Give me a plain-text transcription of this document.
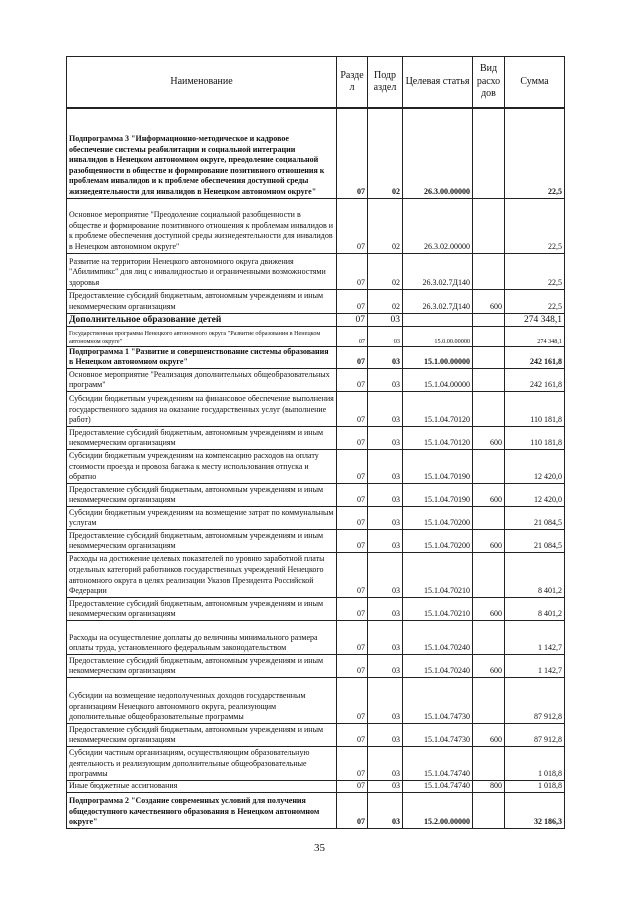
Наименование	Разде л	Подр аздел	Целевая статья	Вид расхо дов	Сумма
Подпрограмма 3 "Информационно-методическое и кадровое обеспечение системы реабилитации и социальной интеграции инвалидов в Ненецком автономном округе, преодоление социальной разобщенности в обществе и формирование позитивного отношения к проблемам инвалидов и к проблеме обеспечения доступной среды жизнедеятельности для инвалидов в Ненецком автономном округе"	07	02	26.3.00.00000		22,5
Основное мероприятие "Преодоление социальной разобщенности в обществе и формирование позитивного отношения к проблемам инвалидов и к проблеме обеспечения доступной среды жизнедеятельности для инвалидов в Ненецком автономном округе"	07	02	26.3.02.00000		22,5
Развитие на территории Ненецкого автономного округа движения "Абилимпикс" для лиц с инвалидностью и ограниченными возможностями здоровья	07	02	26.3.02.7Д140		22,5
Предоставление субсидий бюджетным, автономным учреждениям и иным некоммерческим организациям	07	02	26.3.02.7Д140	600	22,5
Дополнительное образование детей	07	03			274 348,1
Государственная программа Ненецкого автономного округа "Развитие образования в Ненецком автономном округе"	07	03	15.0.00.00000		274 348,1
Подпрограмма 1 "Развитие и совершенствование системы образования в Ненецком автономном округе"	07	03	15.1.00.00000		242 161,8
Основное мероприятие "Реализация дополнительных общеобразовательных программ"	07	03	15.1.04.00000		242 161,8
Субсидии бюджетным учреждениям на финансовое обеспечение выполнения государственного задания на оказание государственных услуг (выполнение работ)	07	03	15.1.04.70120		110 181,8
Предоставление субсидий бюджетным, автономным учреждениям и иным некоммерческим организациям	07	03	15.1.04.70120	600	110 181,8
Субсидии бюджетным учреждениям на компенсацию расходов на оплату стоимости проезда и провоза багажа к месту использования отпуска и обратно	07	03	15.1.04.70190		12 420,0
Предоставление субсидий бюджетным, автономным учреждениям и иным некоммерческим организациям	07	03	15.1.04.70190	600	12 420,0
Субсидии бюджетным учреждениям на возмещение затрат по коммунальным услугам	07	03	15.1.04.70200		21 084,5
Предоставление субсидий бюджетным, автономным учреждениям и иным некоммерческим организациям	07	03	15.1.04.70200	600	21 084,5
Расходы на достижение целевых показателей по уровню заработной платы отдельных категорий работников государственных учреждений Ненецкого автономного округа в целях реализации Указов Президента Российской Федерации	07	03	15.1.04.70210		8 401,2
Предоставление субсидий бюджетным, автономным учреждениям и иным некоммерческим организациям	07	03	15.1.04.70210	600	8 401,2
Расходы на осуществление доплаты до величины минимального размера оплаты труда, установленного федеральным законодательством	07	03	15.1.04.70240		1 142,7
Предоставление субсидий бюджетным, автономным учреждениям и иным некоммерческим организациям	07	03	15.1.04.70240	600	1 142,7
Субсидии на возмещение недополученных доходов государственным организациям Ненецкого автономного округа, реализующим дополнительные общеобразовательные программы	07	03	15.1.04.74730		87 912,8
Предоставление субсидий бюджетным, автономным учреждениям и иным некоммерческим организациям	07	03	15.1.04.74730	600	87 912,8
Субсидии частным организациям, осуществляющим образовательную деятельность и реализующим дополнительные общеобразовательные программы	07	03	15.1.04.74740		1 018,8
Иные бюджетные ассигнования	07	03	15.1.04.74740	800	1 018,8
Подпрограмма 2 "Создание современных условий для получения общедоступного качественного образования в Ненецком автономном округе"	07	03	15.2.00.00000		32 186,3
35
